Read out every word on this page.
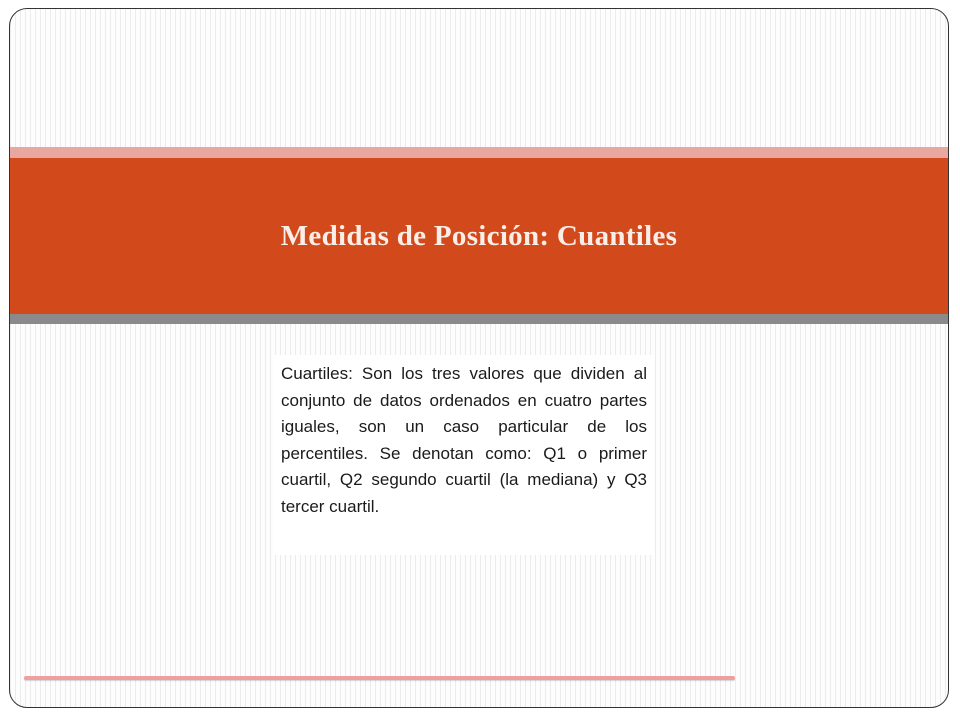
Medidas de Posición: Cuantiles

Cuartiles: Son los tres valores que dividen al conjunto de datos ordenados en cuatro partes iguales, son un caso particular de los percentiles. Se denotan como: Q1 o primer cuartil, Q2 segundo cuartil (la mediana) y Q3 tercer cuartil.
